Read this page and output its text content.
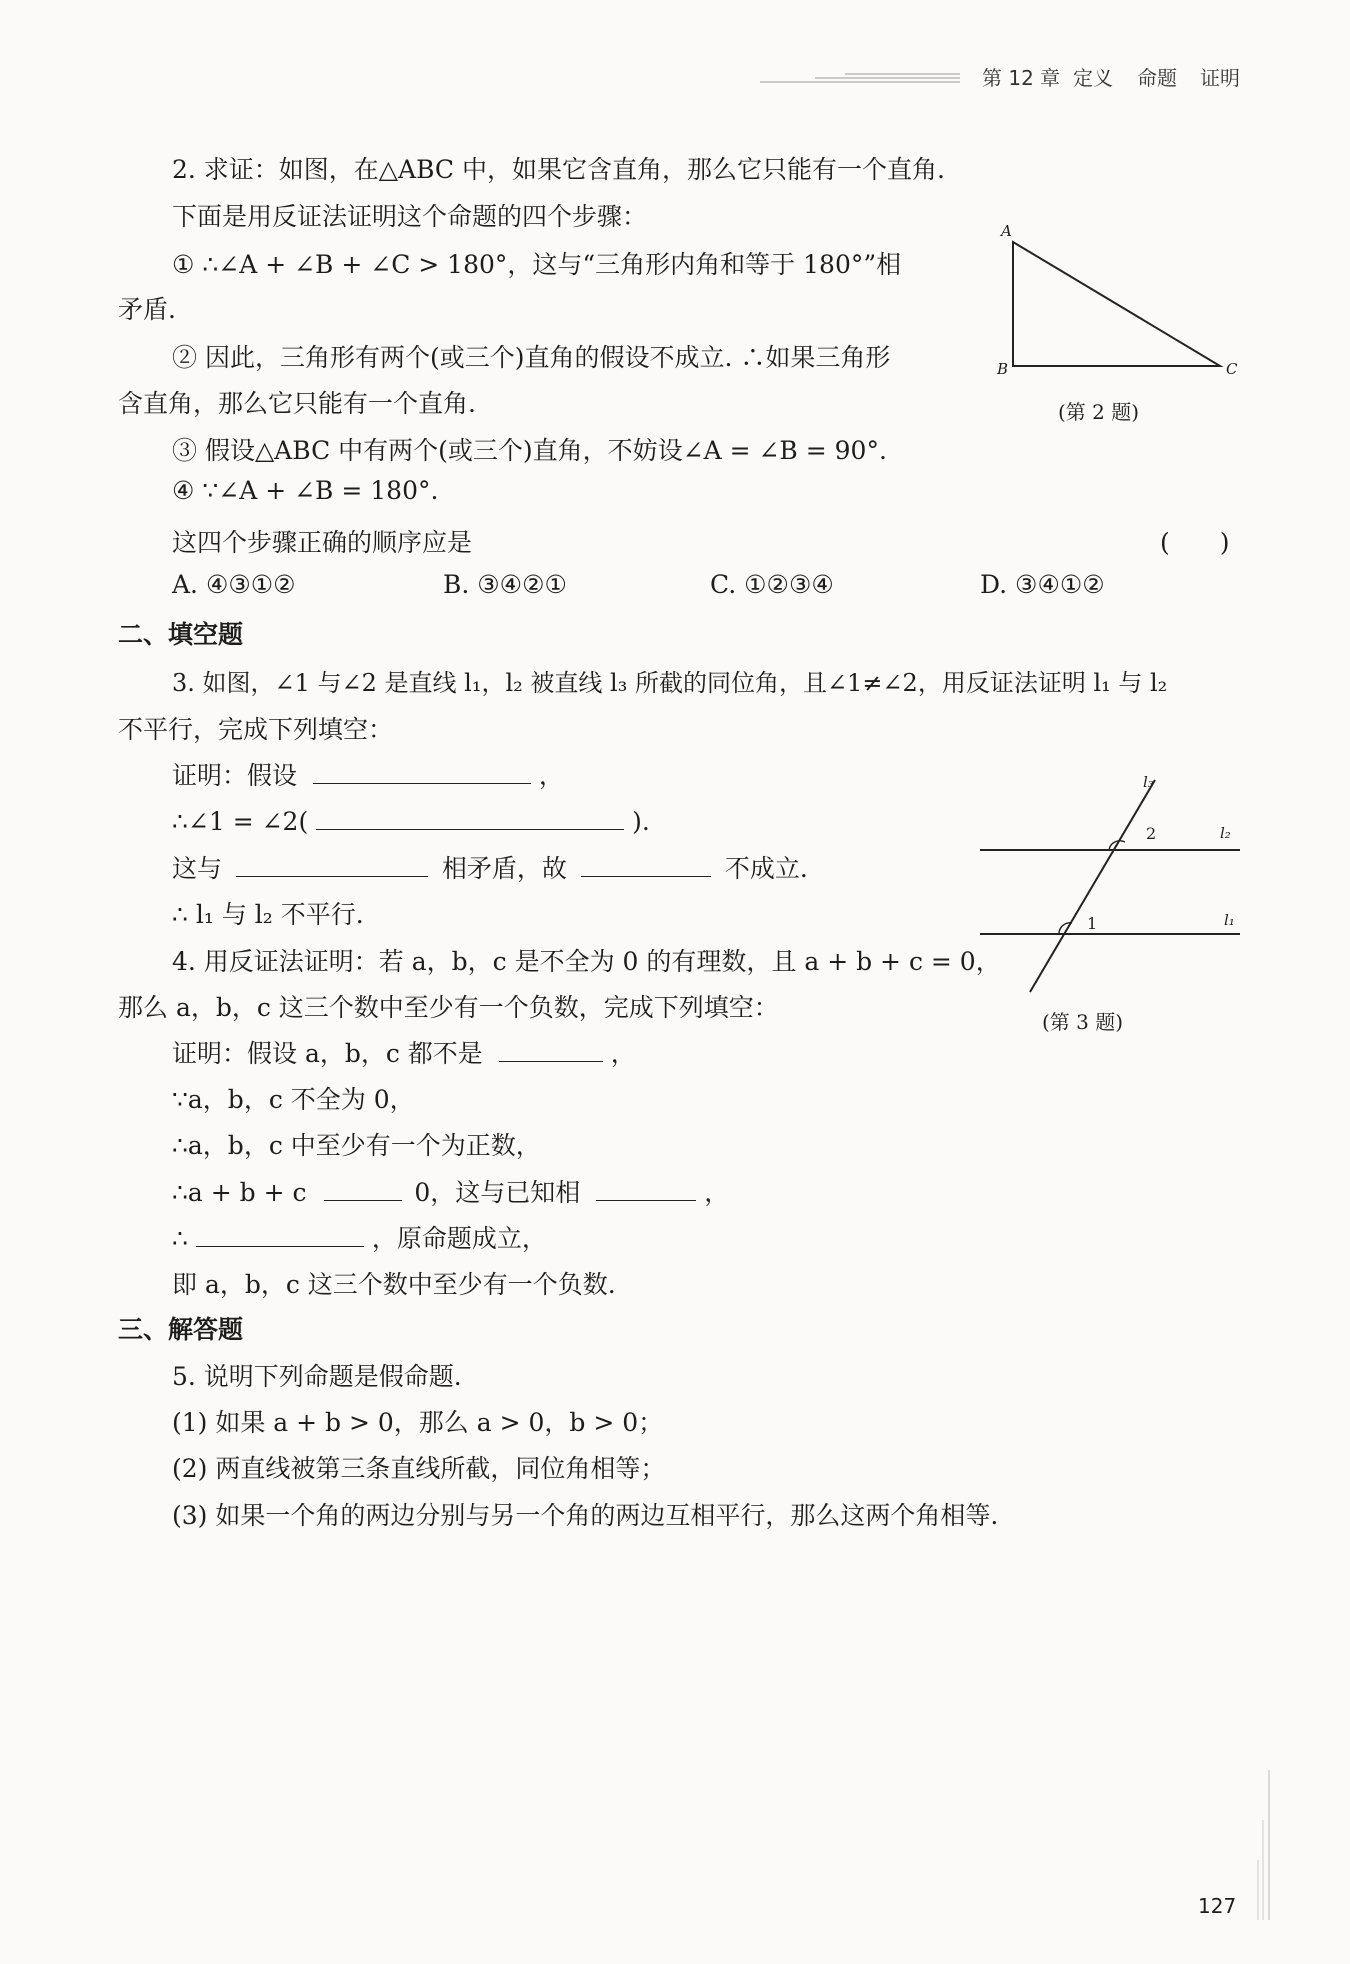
第 12 章 定义 命题 证明
2. 求证：如图，在△ABC 中，如果它含直角，那么它只能有一个直角.
下面是用反证法证明这个命题的四个步骤：
① ∴∠A + ∠B + ∠C > 180°，这与“三角形内角和等于 180°”相
矛盾.
② 因此，三角形有两个(或三个)直角的假设不成立. ∴如果三角形
含直角，那么它只能有一个直角.
③ 假设△ABC 中有两个(或三个)直角，不妨设∠A = ∠B = 90°.
④ ∵∠A + ∠B = 180°.
这四个步骤正确的顺序应是	(　　)
A. ④③①②	B. ③④②①	C. ①②③④	D. ③④①②
A
B	C
(第 2 题)
二、填空题
3. 如图，∠1 与∠2 是直线 l₁，l₂ 被直线 l₃ 所截的同位角，且∠1≠∠2，用反证法证明 l₁ 与 l₂
不平行，完成下列填空：
证明：假设	，
∴∠1 = ∠2(	).
这与	相矛盾，故	不成立.
∴ l₁ 与 l₂ 不平行.
l₃
l₂
l₁
2
1
(第 3 题)
4. 用反证法证明：若 a，b，c 是不全为 0 的有理数，且 a + b + c = 0，
那么 a，b，c 这三个数中至少有一个负数，完成下列填空：
证明：假设 a，b，c 都不是	，
∵a，b，c 不全为 0，
∴a，b，c 中至少有一个为正数，
∴a + b + c	0，这与已知相	，
∴	，原命题成立，
即 a，b，c 这三个数中至少有一个负数.
三、解答题
5. 说明下列命题是假命题.
(1) 如果 a + b > 0，那么 a > 0，b > 0；
(2) 两直线被第三条直线所截，同位角相等；
(3) 如果一个角的两边分别与另一个角的两边互相平行，那么这两个角相等.
127
